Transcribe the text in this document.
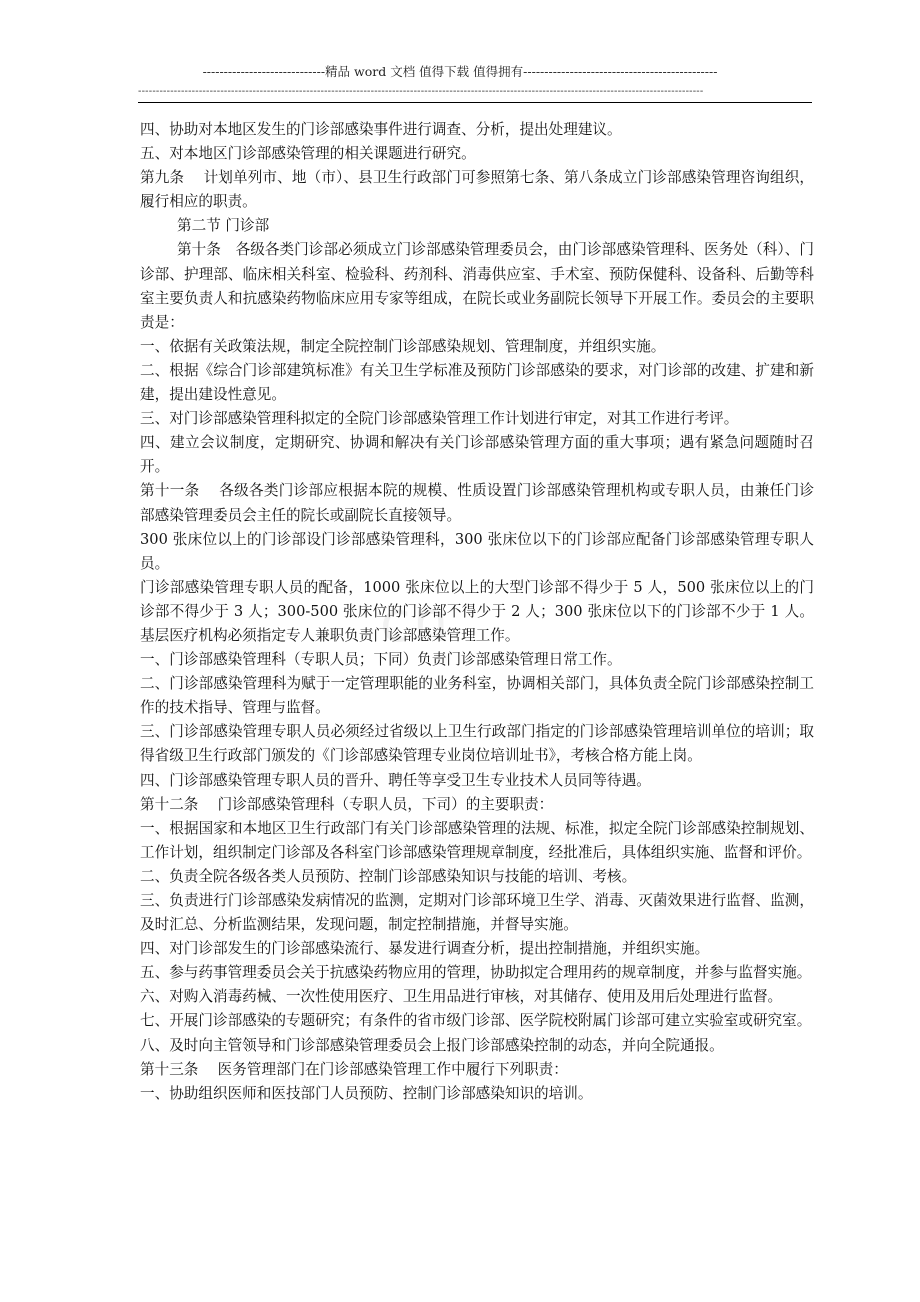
-----------------------------精品 word 文档 值得下载 值得拥有----------------------------------------------
--------------------------------------------------------------------------------------------------------------------------------------------------------------
cn

四、协助对本地区发生的门诊部感染事件进行调查、分析，提出处理建议。

五、对本地区门诊部感染管理的相关课题进行研究。

第九条　 计划单列市、地（市）、县卫生行政部门可参照第七条、第八条成立门诊部感染管理咨询组织，履行相应的职责。

第二节 门诊部

第十条　各级各类门诊部必须成立门诊部感染管理委员会，由门诊部感染管理科、医务处（科）、门诊部、护理部、临床相关科室、检验科、药剂科、消毒供应室、手术室、预防保健科、设备科、后勤等科室主要负责人和抗感染药物临床应用专家等组成，在院长或业务副院长领导下开展工作。委员会的主要职责是：

一、依据有关政策法规，制定全院控制门诊部感染规划、管理制度，并组织实施。

二、根据《综合门诊部建筑标准》有关卫生学标准及预防门诊部感染的要求，对门诊部的改建、扩建和新建，提出建设性意见。

三、对门诊部感染管理科拟定的全院门诊部感染管理工作计划进行审定，对其工作进行考评。

四、建立会议制度，定期研究、协调和解决有关门诊部感染管理方面的重大事项；遇有紧急问题随时召开。

第十一条　 各级各类门诊部应根据本院的规模、性质设置门诊部感染管理机构或专职人员，由兼任门诊部感染管理委员会主任的院长或副院长直接领导。

300 张床位以上的门诊部设门诊部感染管理科，300 张床位以下的门诊部应配备门诊部感染管理专职人员。

门诊部感染管理专职人员的配备，1000 张床位以上的大型门诊部不得少于 5 人，500 张床位以上的门诊部不得少于 3 人；300-500 张床位的门诊部不得少于 2 人；300 张床位以下的门诊部不少于 1 人。基层医疗机构必须指定专人兼职负责门诊部感染管理工作。

一、门诊部感染管理科（专职人员；下同）负责门诊部感染管理日常工作。

二、门诊部感染管理科为赋于一定管理职能的业务科室，协调相关部门，具体负责全院门诊部感染控制工作的技术指导、管理与监督。

三、门诊部感染管理专职人员必须经过省级以上卫生行政部门指定的门诊部感染管理培训单位的培训；取得省级卫生行政部门颁发的《门诊部感染管理专业岗位培训址书》，考核合格方能上岗。

四、门诊部感染管理专职人员的晋升、聘任等享受卫生专业技术人员同等待遇。

第十二条　 门诊部感染管理科（专职人员，下司）的主要职责：

一、根据国家和本地区卫生行政部门有关门诊部感染管理的法规、标准，拟定全院门诊部感染控制规划、工作计划，组织制定门诊部及各科室门诊部感染管理规章制度，经批准后，具体组织实施、监督和评价。

二、负责全院各级各类人员预防、控制门诊部感染知识与技能的培训、考核。

三、负责进行门诊部感染发病情况的监测，定期对门诊部环境卫生学、消毒、灭菌效果进行监督、监测，及时汇总、分析监测结果，发现问题，制定控制措施，并督导实施。

四、对门诊部发生的门诊部感染流行、暴发进行调查分析，提出控制措施，并组织实施。

五、参与药事管理委员会关于抗感染药物应用的管理，协助拟定合理用药的规章制度，并参与监督实施。

六、对购入消毒药械、一次性使用医疗、卫生用品进行审核，对其储存、使用及用后处理进行监督。

七、开展门诊部感染的专题研究；有条件的省市级门诊部、医学院校附属门诊部可建立实验室或研究室。

八、及时向主管领导和门诊部感染管理委员会上报门诊部感染控制的动态，并向全院通报。

第十三条　 医务管理部门在门诊部感染管理工作中履行下列职责：

一、协助组织医师和医技部门人员预防、控制门诊部感染知识的培训。
